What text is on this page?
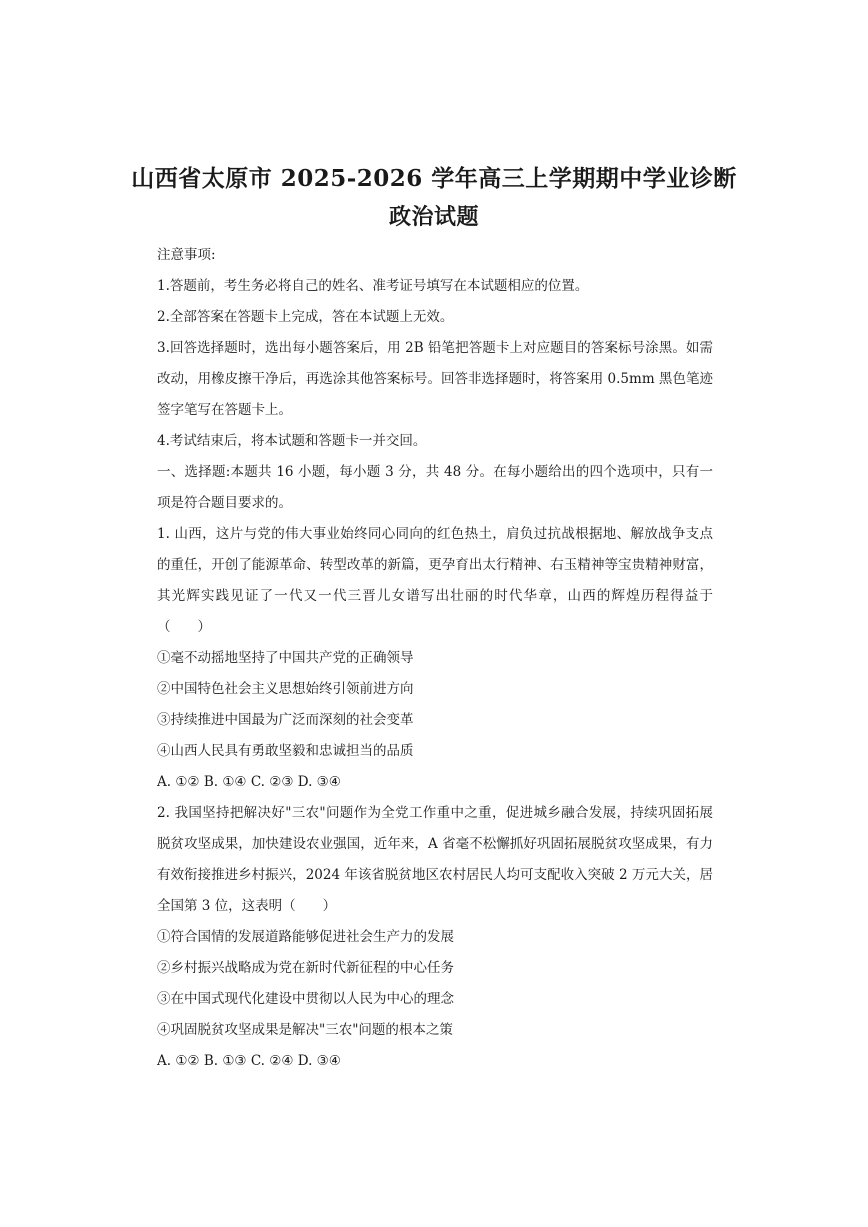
山西省太原市 2025-2026 学年高三上学期期中学业诊断
政治试题

注意事项:

1.答题前，考生务必将自己的姓名、准考证号填写在本试题相应的位置。

2.全部答案在答题卡上完成，答在本试题上无效。

3.回答选择题时，选出每小题答案后，用 2B 铅笔把答题卡上对应题目的答案标号涂黑。如需改动，用橡皮擦干净后，再选涂其他答案标号。回答非选择题时，将答案用 0.5mm 黑色笔迹签字笔写在答题卡上。

4.考试结束后，将本试题和答题卡一并交回。

一、选择题:本题共 16 小题，每小题 3 分，共 48 分。在每小题给出的四个选项中，只有一项是符合题目要求的。

1. 山西，这片与党的伟大事业始终同心同向的红色热土，肩负过抗战根据地、解放战争支点的重任，开创了能源革命、转型改革的新篇，更孕育出太行精神、右玉精神等宝贵精神财富，其光辉实践见证了一代又一代三晋儿女谱写出壮丽的时代华章，山西的辉煌历程得益于（　　）

①毫不动摇地坚持了中国共产党的正确领导

②中国特色社会主义思想始终引领前进方向

③持续推进中国最为广泛而深刻的社会变革

④山西人民具有勇敢坚毅和忠诚担当的品质

A. ①② B. ①④ C. ②③ D. ③④

2. 我国坚持把解决好"三农"问题作为全党工作重中之重，促进城乡融合发展，持续巩固拓展脱贫攻坚成果，加快建设农业强国，近年来，A 省毫不松懈抓好巩固拓展脱贫攻坚成果，有力有效衔接推进乡村振兴，2024 年该省脱贫地区农村居民人均可支配收入突破 2 万元大关，居全国第 3 位，这表明（　　）

①符合国情的发展道路能够促进社会生产力的发展

②乡村振兴战略成为党在新时代新征程的中心任务

③在中国式现代化建设中贯彻以人民为中心的理念

④巩固脱贫攻坚成果是解决"三农"问题的根本之策

A. ①② B. ①③ C. ②④ D. ③④
